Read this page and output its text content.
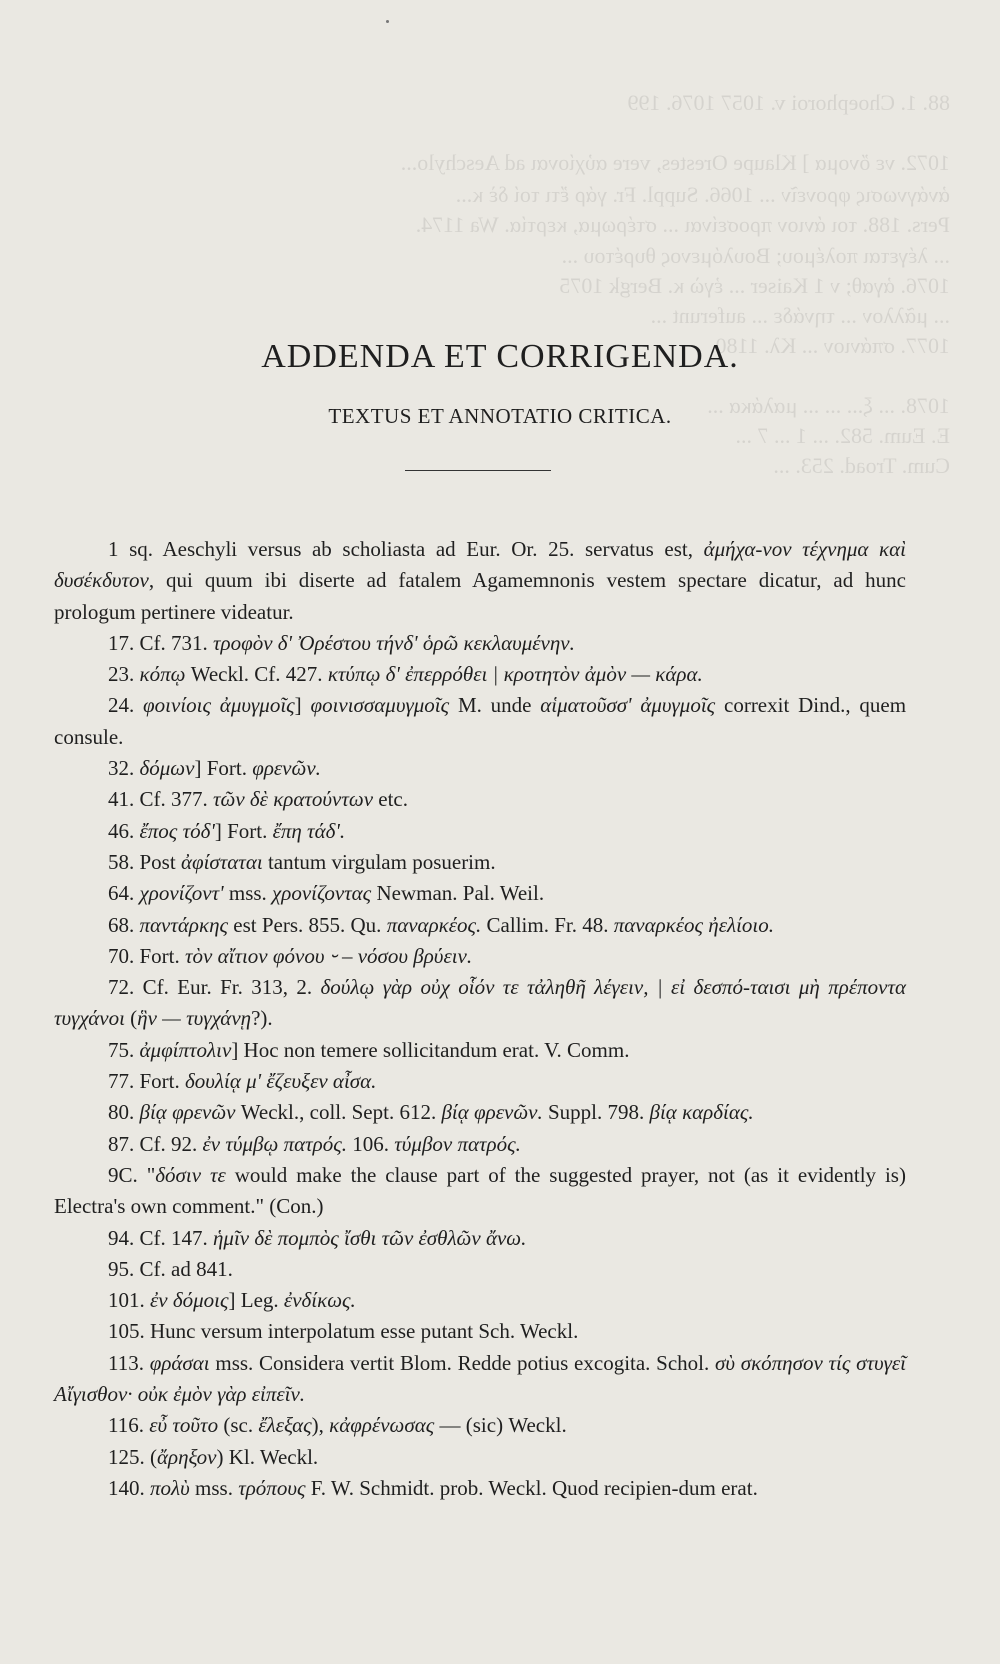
88. 1. Choephoroi v. 1057 1076. 199
1072. νε ὄνομα ] Klaupe Orestes, vere αὐχίοναι ad Aeschylo...
ἀνάγνωσις φρονεῖν ... 1066. Suppl. Fr. γάρ ἔτι τοί δὲ κ...
Pers. 188. τοι άνιον προσείναι ... στέρωμα, κερτία. Wa 1174.
... λέγεται πολέμου; Βουλόμενος θυρέτου ...
1076. ἀγαθ; ν 1 Kaiser ... ἐγὼ κ. Bergk 1075
... μᾶλλον ... τηνάδε ... auferunt ...
1077. σπάνιον ... Κλ. 1180.
1078. ... ξ... ... ... μαλάκα ...
E. Eum. 582. ... 1 ... 7 ...
Cum. Troad. 253. ...
ADDENDA ET CORRIGENDA.
TEXTUS ET ANNOTATIO CRITICA.
1 sq. Aeschyli versus ab scholiasta ad Eur. Or. 25. servatus est, ἀμήχα-νον τέχνημα καὶ δυσέκδυτον, qui quum ibi diserte ad fatalem Agamemnonis vestem spectare dicatur, ad hunc prologum pertinere videatur.
17. Cf. 731. τροφὸν δ' Ὀρέστου τήνδ' ὁρῶ κεκλαυμένην.
23. κόπῳ Weckl. Cf. 427. κτύπῳ δ' ἐπερρόθει | κροτητὸν ἀμὸν — κάρα.
24. φοινίοις ἀμυγμοῖς] φοινισσαμυγμοῖς M. unde αἱματοῦσσ' ἀμυγμοῖς correxit Dind., quem consule.
32. δόμων] Fort. φρενῶν.
41. Cf. 377. τῶν δὲ κρατούντων etc.
46. ἔπος τόδ'] Fort. ἔπη τάδ'.
58. Post ἀφίσταται tantum virgulam posuerim.
64. χρονίζοντ' mss. χρονίζοντας Newman. Pal. Weil.
68. παντάρκης est Pers. 855. Qu. παναρκέος. Callim. Fr. 48. παναρκέος ἠελίοιο.
70. Fort. τὸν αἴτιον φόνου ⏑ – νόσου βρύειν.
72. Cf. Eur. Fr. 313, 2. δούλῳ γὰρ οὐχ οἷόν τε τἀληθῆ λέγειν, | εἰ δεσπό-ταισι μὴ πρέποντα τυγχάνοι (ἣν — τυγχάνῃ?).
75. ἀμφίπτολιν] Hoc non temere sollicitandum erat. V. Comm.
77. Fort. δουλίᾳ μ' ἔζευξεν αἶσα.
80. βίᾳ φρενῶν Weckl., coll. Sept. 612. βίᾳ φρενῶν. Suppl. 798. βίᾳ καρδίας.
87. Cf. 92. ἐν τύμβῳ πατρός. 106. τύμβον πατρός.
9C. "δόσιν τε would make the clause part of the suggested prayer, not (as it evidently is) Electra's own comment." (Con.)
94. Cf. 147. ἡμῖν δὲ πομπὸς ἴσθι τῶν ἐσθλῶν ἄνω.
95. Cf. ad 841.
101. ἐν δόμοις] Leg. ἐνδίκως.
105. Hunc versum interpolatum esse putant Sch. Weckl.
113. φράσαι mss. Considera vertit Blom. Redde potius excogita. Schol. σὺ σκόπησον τίς στυγεῖ Αἴγισθον· οὐκ ἐμὸν γὰρ εἰπεῖν.
116. εὖ τοῦτο (sc. ἔλεξας), κἀφρένωσας — (sic) Weckl.
125. (ἄρηξον) Kl. Weckl.
140. πολὺ mss. τρόπους F. W. Schmidt. prob. Weckl. Quod recipien-dum erat.
